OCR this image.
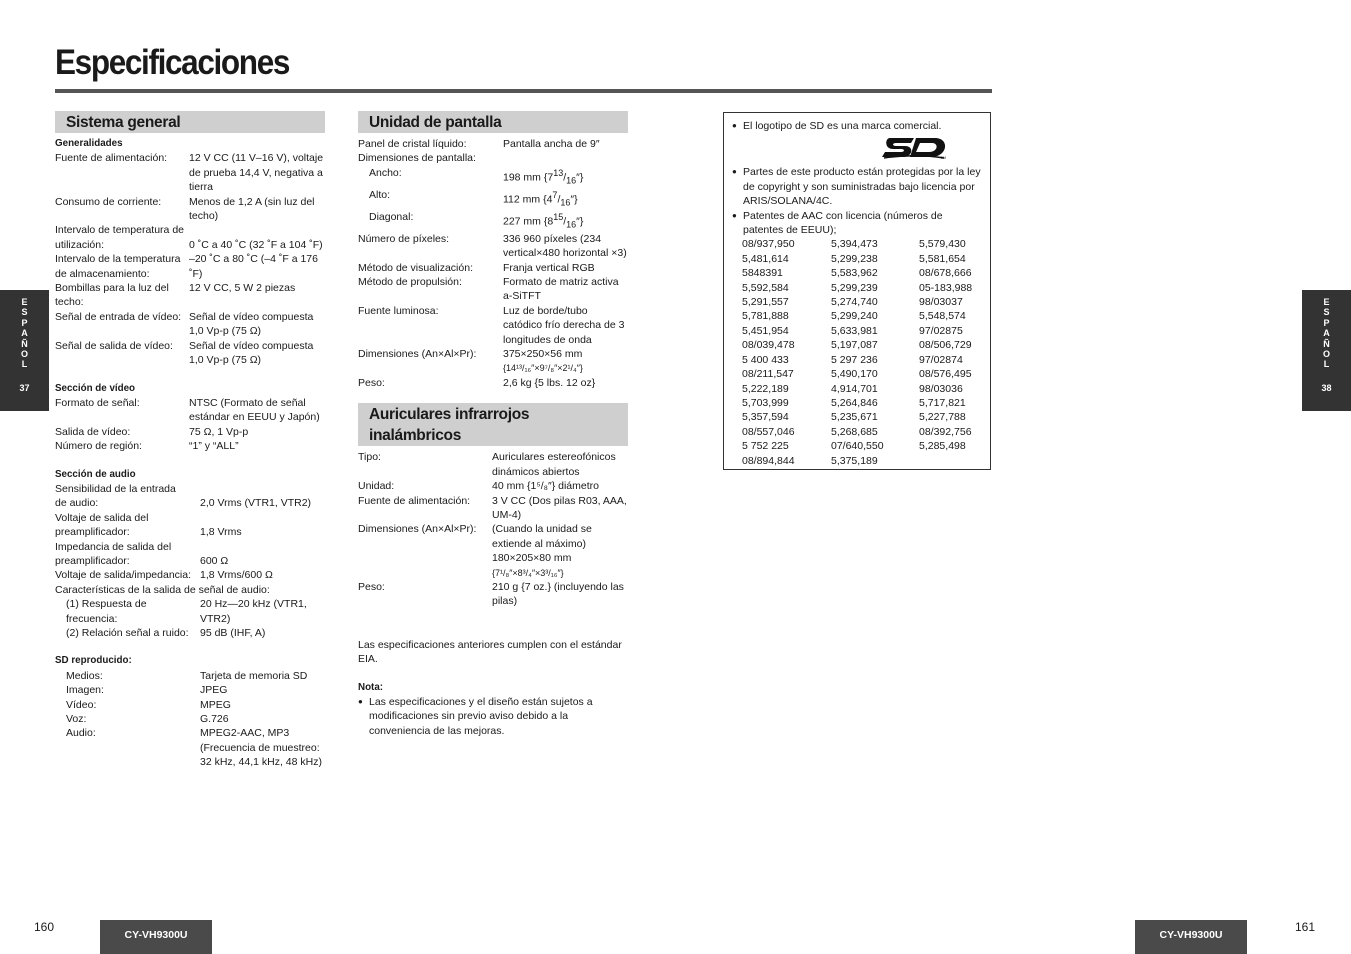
Especificaciones
E
S
P
A
Ñ
O
L
37
E
S
P
A
Ñ
O
L
38
Sistema general
Generalidades
Fuente de alimentación:	12 V CC (11 V–16 V), voltaje de prueba 14,4 V, negativa a tierra
Consumo de corriente:	Menos de 1,2 A (sin luz del techo)
Intervalo de temperatura de utilización:	0 ˚C a 40 ˚C (32 ˚F a 104 ˚F)
Intervalo de la temperatura de almacenamiento:	–20 ˚C a 80 ˚C (–4 ˚F a 176 ˚F)
Bombillas para la luz del techo:	12 V CC, 5 W 2 piezas
Señal de entrada de vídeo:	Señal de vídeo compuesta 1,0 Vp-p (75 Ω)
Señal de salida de vídeo:	Señal de vídeo compuesta 1,0 Vp-p (75 Ω)
Sección de vídeo
Formato de señal:	NTSC (Formato de señal estándar en EEUU y Japón)
Salida de vídeo:	75 Ω, 1 Vp-p
Número de región:	“1” y “ALL”
Sección de audio
Sensibilidad de la entrada	
de audio:	2,0 Vrms (VTR1, VTR2)
Voltaje de salida del	
preamplificador:	1,8 Vrms
Impedancia de salida del preamplificador:	600 Ω
Voltaje de salida/impedancia:	1,8 Vrms/600 Ω
Características de la salida de señal de audio:	
(1) Respuesta de frecuencia:	20 Hz—20 kHz (VTR1, VTR2)
(2) Relación señal a ruido:	95 dB (IHF, A)
SD reproducido:
Medios:	Tarjeta de memoria SD
Imagen:	JPEG
Vídeo:	MPEG
Voz:	G.726
Audio:	MPEG2-AAC, MP3 (Frecuencia de muestreo: 32 kHz, 44,1 kHz, 48 kHz)
Unidad de pantalla
Panel de cristal líquido:	Pantalla ancha de 9″
Dimensiones de pantalla:	
Ancho:	198 mm $\{7^{13}/_{16}''\}$
Alto:	112 mm $\{4^7/_{16}''\}$
Diagonal:	227 mm $\{8^{15}/_{16}''\}$
Número de píxeles:	336 960 píxeles (234 vertical×480 horizontal ×3)
Método de visualización:	Franja vertical RGB
Método de propulsión:	Formato de matriz activa a-SiTFT
Fuente luminosa:	Luz de borde/tubo catódico frío derecha de 3 longitudes de onda
Dimensiones (An×Al×Pr):	375×250×56 mm
{14¹³/₁₆″×9⁷/₈″×2¹/₄″}

Peso:	2,6 kg {5 lbs. 12 oz}
Auriculares infrarrojos inalámbricos
Tipo:	Auriculares estereofónicos dinámicos abiertos
Unidad:	40 mm {1⁵/₈″} diámetro
Fuente de alimentación:	3 V CC (Dos pilas R03, AAA, UM-4)
Dimensiones (An×Al×Pr):	(Cuando la unidad se extiende al máximo) 180×205×80 mm
{7¹/₈″×8³/₄″×3³/₁₆″}

Peso:	210 g {7 oz.} (incluyendo las pilas)
Las especificaciones anteriores cumplen con el estándar EIA.
Nota:
● Las especificaciones y el diseño están sujetos a modificaciones sin previo aviso debido a la conveniencia de las mejoras.
● El logotipo de SD es una marca comercial.
TM
● Partes de este producto están protegidas por la ley de copyright y son suministradas bajo licencia por ARIS/SOLANA/4C.
● Patentes de AAC con licencia (números de patentes de EEUU);
08/937,950	5,394,473	5,579,430
5,481,614	5,299,238	5,581,654
5848391	5,583,962	08/678,666
5,592,584	5,299,239	05-183,988
5,291,557	5,274,740	98/03037
5,781,888	5,299,240	5,548,574
5,451,954	5,633,981	97/02875
08/039,478	5,197,087	08/506,729
5 400 433	5 297 236	97/02874
08/211,547	5,490,170	08/576,495
5,222,189	4,914,701	98/03036
5,703,999	5,264,846	5,717,821
5,357,594	5,235,671	5,227,788
08/557,046	5,268,685	08/392,756
5 752 225	07/640,550	5,285,498
08/894,844	5,375,189
160
CY-VH9300U	CY-VH9300U
161
